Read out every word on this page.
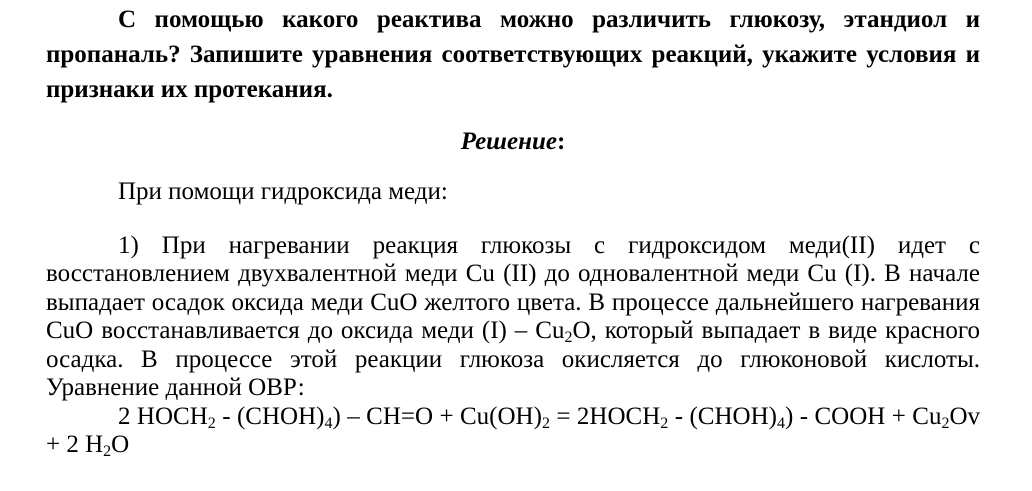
С помощью какого реактива можно различить глюкозу, этандиол и пропаналь? Запишите уравнения соответствующих реакций, укажите условия и признаки их протекания.

Решение:

При помощи гидроксида меди:

1) При нагревании реакция глюкозы с гидроксидом меди(II) идет с восстановлением двухвалентной меди Cu (II) до одновалентной меди Cu (I). В начале выпадает осадок оксида меди CuO желтого цвета. В процессе дальнейшего нагревания CuO восстанавливается до оксида меди $(I) - Cu_2O$, который выпадает в виде красного осадка. В процессе этой реакции глюкоза окисляется до глюконовой кислоты. Уравнение данной ОВР:

2 $HOCH_2$ - $(CHOH)_4) - CH=O + Cu(OH)_2$ = $2HOCH_2$ - $(CHOH)_4$) - COOH + $Cu_2Ov + 2$ $H_2O$
